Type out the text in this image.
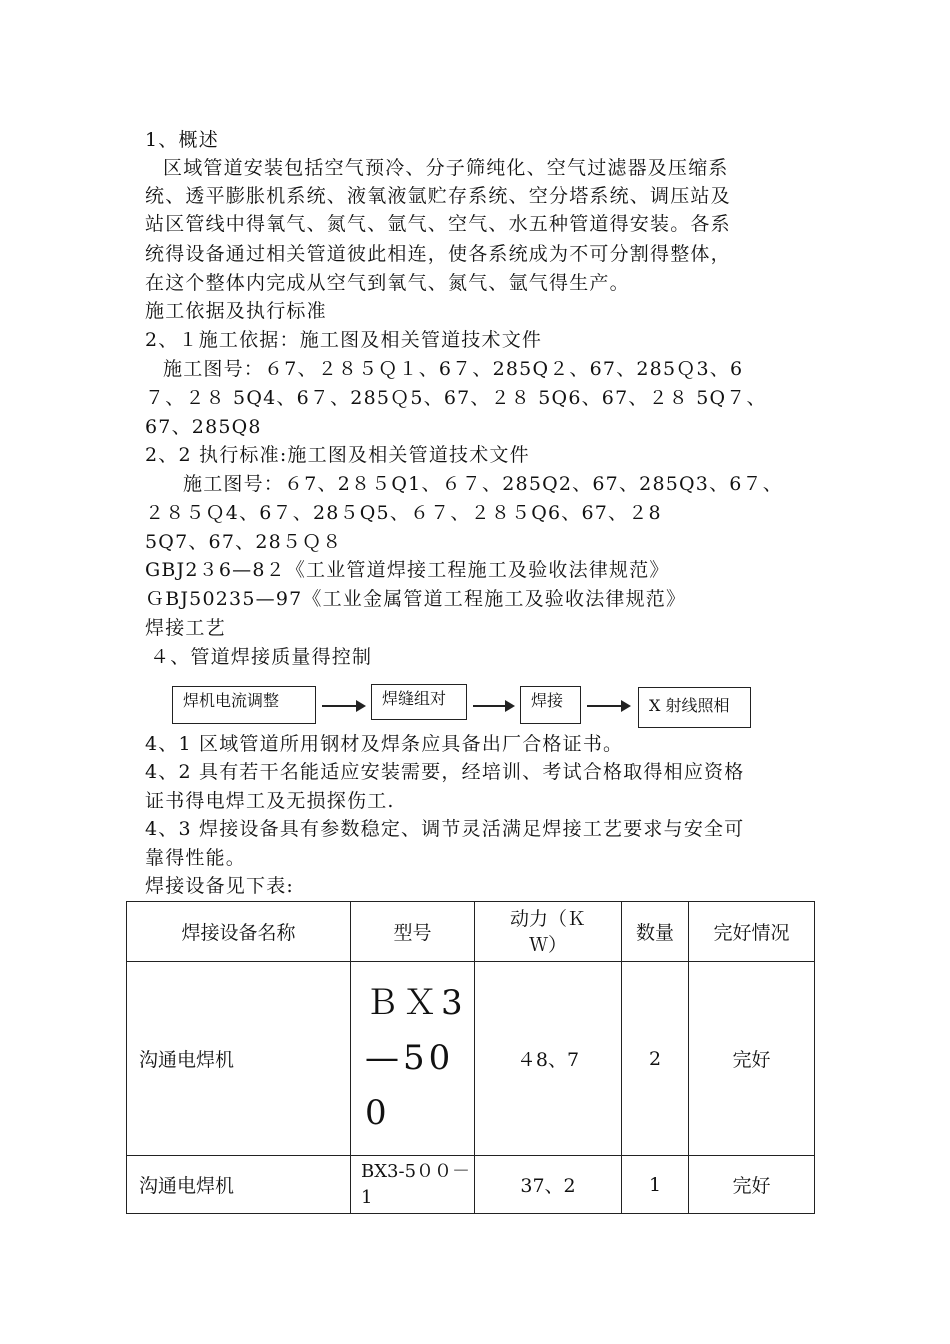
1、概述
区域管道安装包括空气预冷、分子筛纯化、空气过滤器及压缩系
统、透平膨胀机系统、液氧液氩贮存系统、空分塔系统、调压站及
站区管线中得氧气、氮气、氩气、空气、水五种管道得安装。各系
统得设备通过相关管道彼此相连，使各系统成为不可分割得整体，
在这个整体内完成从空气到氧气、氮气、氩气得生产。
施工依据及执行标准
2、１施工依据：施工图及相关管道技术文件
施工图号：６7、２８５Ｑ１、6７、285Q２、67、285Ｑ3、6
７、２８ 5Q4、6７、285Ｑ5、67、２８ 5Q6、67、２８ 5Q７、
67、285Q8
2、2 执行标准:施工图及相关管道技术文件
施工图号：６7、2８５Q1、６７、285Q2、67、285Q3、6７、
２８５Ｑ4、6７、28５Q5、６７、２８５Q6、67、２8
5Q7、67、28５Ｑ８
GBJ2３6—8２《工业管道焊接工程施工及验收法律规范》
ＧBJ50235—97《工业金属管道工程施工及验收法律规范》
焊接工艺
４、管道焊接质量得控制
焊机电流调整	焊缝组对	焊接	X 射线照相
4、1 区域管道所用钢材及焊条应具备出厂合格证书。
4、2 具有若干名能适应安装需要，经培训、考试合格取得相应资格
证书得电焊工及无损探伤工.
4、3 焊接设备具有参数稳定、调节灵活满足焊接工艺要求与安全可
靠得性能。
焊接设备见下表:
焊接设备名称	型号	动力（ＫＷ）	数量	完好情况
沟通电焊机	ＢＸ3—500	４8、7	2	完好
沟通电焊机	BX3-5００－1	37、2	1	完好
